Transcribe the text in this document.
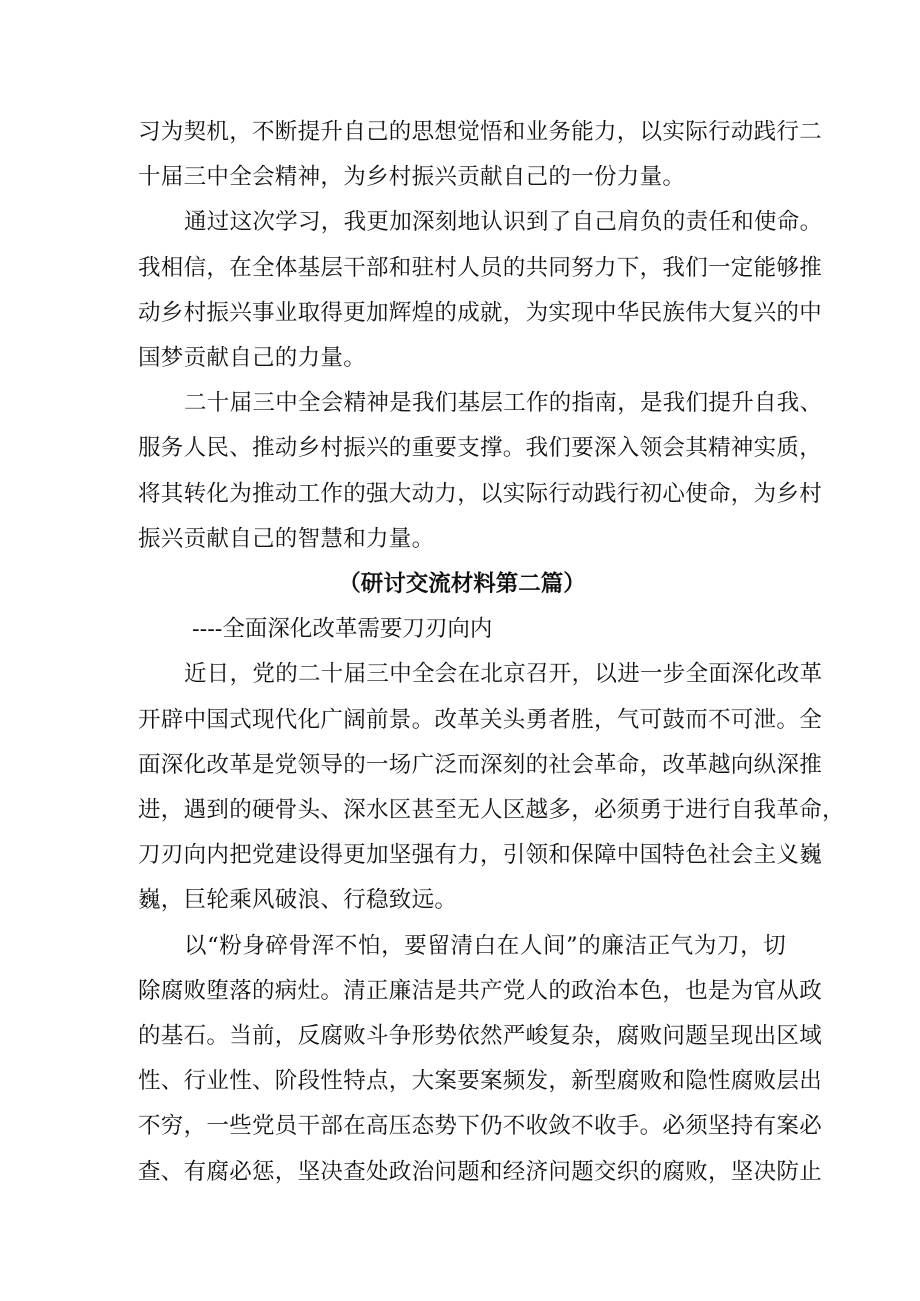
习为契机，不断提升自己的思想觉悟和业务能力，以实际行动践行二
十届三中全会精神，为乡村振兴贡献自己的一份力量。
通过这次学习，我更加深刻地认识到了自己肩负的责任和使命。
我相信，在全体基层干部和驻村人员的共同努力下，我们一定能够推
动乡村振兴事业取得更加辉煌的成就，为实现中华民族伟大复兴的中
国梦贡献自己的力量。
二十届三中全会精神是我们基层工作的指南，是我们提升自我、
服务人民、推动乡村振兴的重要支撑。我们要深入领会其精神实质，
将其转化为推动工作的强大动力，以实际行动践行初心使命，为乡村
振兴贡献自己的智慧和力量。
（研讨交流材料第二篇）
----全面深化改革需要刀刃向内
近日，党的二十届三中全会在北京召开，以进一步全面深化改革
开辟中国式现代化广阔前景。改革关头勇者胜，气可鼓而不可泄。全
面深化改革是党领导的一场广泛而深刻的社会革命，改革越向纵深推
进，遇到的硬骨头、深水区甚至无人区越多，必须勇于进行自我革命，
刀刃向内把党建设得更加坚强有力，引领和保障中国特色社会主义巍
巍，巨轮乘风破浪、行稳致远。
以“粉身碎骨浑不怕，要留清白在人间”的廉洁正气为刀，切
除腐败堕落的病灶。清正廉洁是共产党人的政治本色，也是为官从政
的基石。当前，反腐败斗争形势依然严峻复杂，腐败问题呈现出区域
性、行业性、阶段性特点，大案要案频发，新型腐败和隐性腐败层出
不穷，一些党员干部在高压态势下仍不收敛不收手。必须坚持有案必
查、有腐必惩，坚决查处政治问题和经济问题交织的腐败，坚决防止
